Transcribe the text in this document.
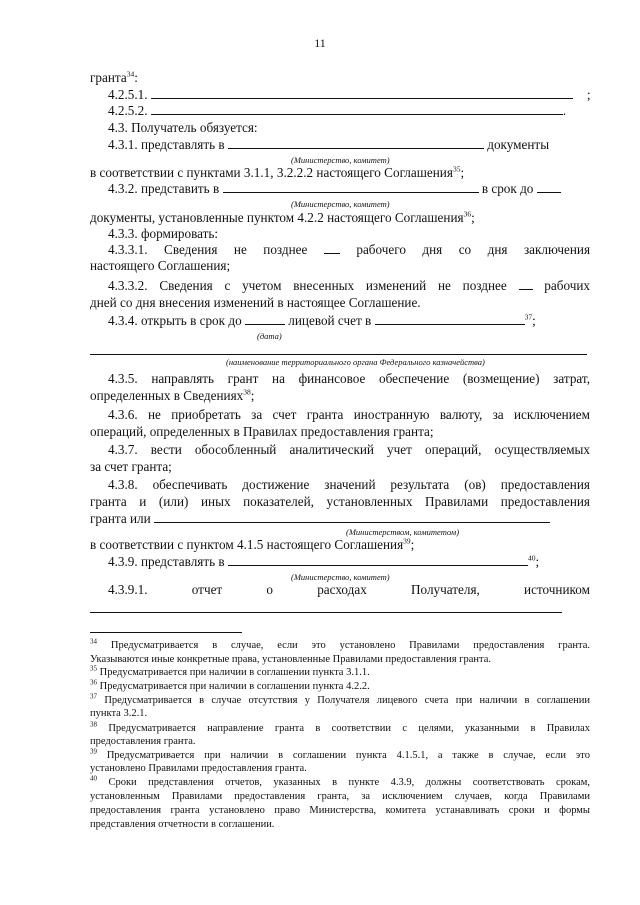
11
гранта$^{34}$:
4.2.5.1.	;
4.2.5.2.	.
4.3. Получатель обязуется:
4.3.1. представлять в	документы
(Министерство, комитет)
в соответствии с пунктами 3.1.1, 3.2.2.2 настоящего Соглашения$^{35}$;
4.3.2. представить в	в срок до
(Министерство, комитет)
документы, установленные пунктом 4.2.2 настоящего Соглашения$^{36}$;
4.3.3. формировать:
4.3.3.1. Сведения не позднее	рабочего дня со дня заключения
настоящего Соглашения;
4.3.3.2. Сведения с учетом внесенных изменений не позднее	рабочих
дней со дня внесения изменений в настоящее Соглашение.
4.3.4. открыть в срок до	лицевой счет в	$^{37}$;
(дата)
(наименование территориального органа Федерального казначейства)
4.3.5. направлять грант на финансовое обеспечение (возмещение) затрат,
определенных в Сведениях$^{38}$;
4.3.6. не приобретать за счет гранта иностранную валюту, за исключением
операций, определенных в Правилах предоставления гранта;
4.3.7. вести обособленный аналитический учет операций, осуществляемых
за счет гранта;
4.3.8. обеспечивать достижение значений результата (ов) предоставления
гранта и (или) иных показателей, установленных Правилами предоставления
гранта или
(Министерством, комитетом)
в соответствии с пунктом 4.1.5 настоящего Соглашения$^{39}$;
4.3.9. представлять в	$^{40}$;
(Министерство, комитет)
4.3.9.1.	отчет	о	расходах	Получателя,	источником
$^{34}$ Предусматривается в случае, если это установлено Правилами предоставления гранта.
Указываются иные конкретные права, установленные Правилами предоставления гранта.
$^{35}$ Предусматривается при наличии в соглашении пункта 3.1.1.
$^{36}$ Предусматривается при наличии в соглашении пункта 4.2.2.
$^{37}$ Предусматривается в случае отсутствия у Получателя лицевого счета при наличии в соглашении
пункта 3.2.1.
$^{38}$ Предусматривается направление гранта в соответствии с целями, указанными в Правилах
предоставления гранта.
$^{39}$ Предусматривается при наличии в соглашении пункта 4.1.5.1, а также в случае, если это
установлено Правилами предоставления гранта.
$^{40}$ Сроки представления отчетов, указанных в пункте 4.3.9, должны соответствовать срокам,
установленным Правилами предоставления гранта, за исключением случаев, когда Правилами
предоставления гранта установлено право Министерства, комитета устанавливать сроки и формы
представления отчетности в соглашении.
